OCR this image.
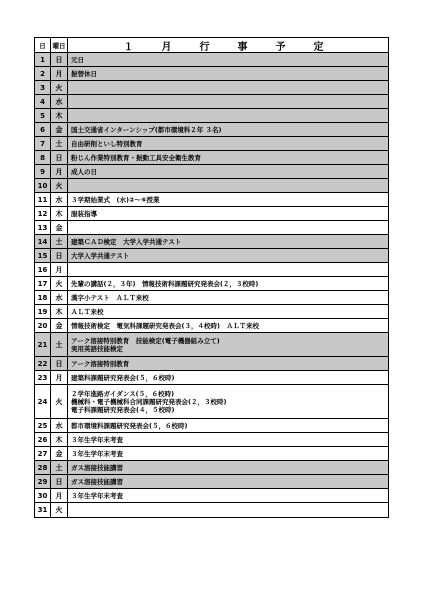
日	曜日	１　月　行　事　予　定
1	日	元日
2	月	振替休日
3	火
4	水
5	木
6	金	国土交通省インターンシップ(都市環境科２年 ３名)
7	土	自由研削といし特別教育
8	日	粉じん作業特別教育・振動工具安全衛生教育
9	月	成人の日
10	火
11	水	３学期始業式　(水)②～⑥授業
12	木	服装指導
13	金
14	土	建築ＣＡＤ検定　大学入学共通テスト
15	日	大学入学共通テスト
16	月
17	火	先輩の講話(２，３年)　情報技術科課題研究発表会(２，３校時)
18	水	漢字小テスト　ＡＬＴ来校
19	木	ＡＬＴ来校
20	金	情報技術検定　電気科課題研究発表会(３，４校時)　ＡＬＴ来校
21	土	アーク溶接特別教育　技能検定(電子機器組み立て)
実用英語技能検定
22	日	アーク溶接特別教育
23	月	建築科課題研究発表会(５，６校時)
24	火
２学年進路ガイダンス(５，６校時)
機械科・電子機械科合同課題研究発表会(２，３校時)
電子科課題研究発表会(４，５校時)
25	水	都市環境科課題研究発表会(５，６校時)
26	木	３年生学年末考査
27	金	３年生学年末考査
28	土	ガス溶接技能講習
29	日	ガス溶接技能講習
30	月	３年生学年末考査
31	火
